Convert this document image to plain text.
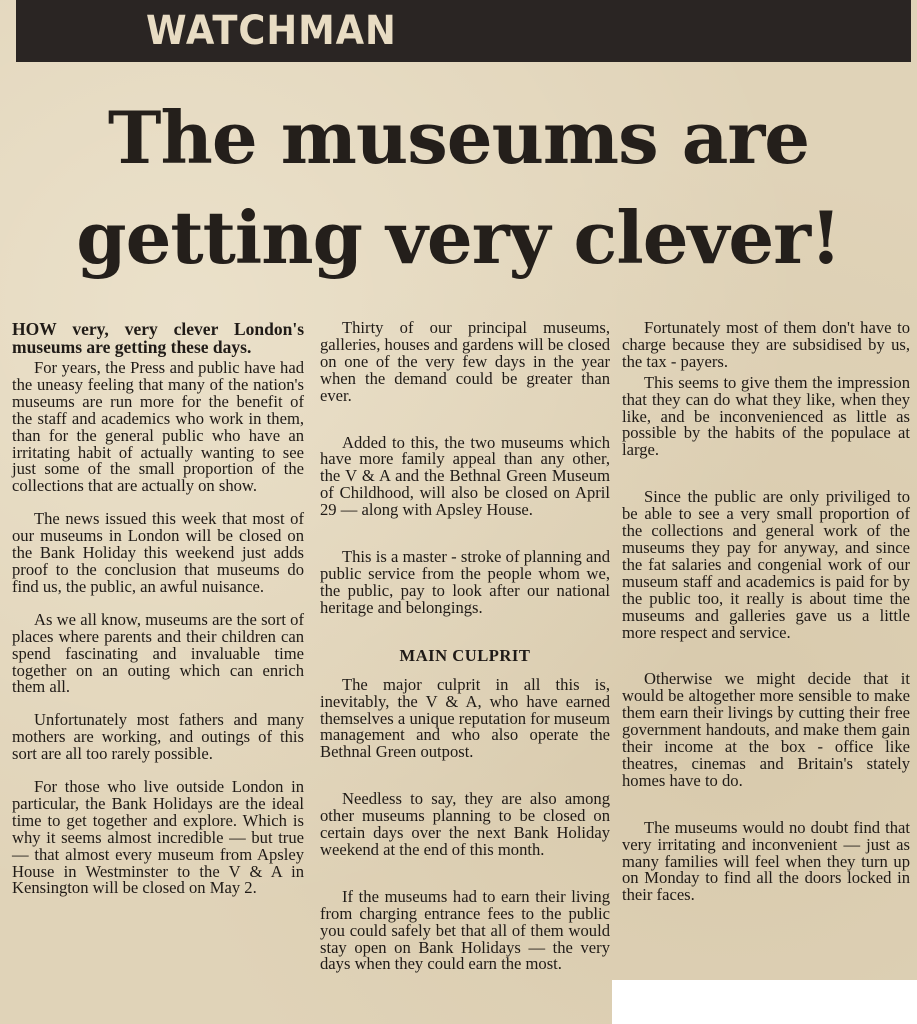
WATCHMAN
The museums are
getting very clever!

HOW very, very clever London's museums are getting these days.

For years, the Press and public have had the uneasy feeling that many of the nation's museums are run more for the benefit of the staff and academics who work in them, than for the general public who have an irritating habit of actually wanting to see just some of the small proportion of the collections that are actually on show.

The news issued this week that most of our museums in London will be closed on the Bank Holiday this weekend just adds proof to the conclusion that museums do find us, the public, an awful nuisance.

As we all know, museums are the sort of places where parents and their children can spend fascinating and invaluable time together on an outing which can enrich them all.

Unfortunately most fathers and many mothers are working, and outings of this sort are all too rarely possible.

For those who live outside London in particular, the Bank Holidays are the ideal time to get together and explore. Which is why it seems almost incredible — but true — that almost every museum from Apsley House in Westminster to the V & A in Kensington will be closed on May 2.

Thirty of our principal museums, galleries, houses and gardens will be closed on one of the very few days in the year when the demand could be greater than ever.

Added to this, the two museums which have more family appeal than any other, the V & A and the Bethnal Green Museum of Childhood, will also be closed on April 29 — along with Apsley House.

This is a master - stroke of planning and public service from the people whom we, the public, pay to look after our national heritage and belongings.

MAIN CULPRIT

The major culprit in all this is, inevitably, the V & A, who have earned themselves a unique reputation for museum management and who also operate the Bethnal Green outpost.

Needless to say, they are also among other museums planning to be closed on certain days over the next Bank Holiday weekend at the end of this month.

If the museums had to earn their living from charging entrance fees to the public you could safely bet that all of them would stay open on Bank Holidays — the very days when they could earn the most.

Fortunately most of them don't have to charge because they are subsidised by us, the tax - payers.

This seems to give them the impression that they can do what they like, when they like, and be inconvenienced as little as possible by the habits of the populace at large.

Since the public are only priviliged to be able to see a very small proportion of the collections and general work of the museums they pay for anyway, and since the fat salaries and congenial work of our museum staff and academics is paid for by the public too, it really is about time the museums and galleries gave us a little more respect and service.

Otherwise we might decide that it would be altogether more sensible to make them earn their livings by cutting their free government handouts, and make them gain their income at the box - office like theatres, cinemas and Britain's stately homes have to do.

The museums would no doubt find that very irritating and inconvenient — just as many families will feel when they turn up on Monday to find all the doors locked in their faces.
